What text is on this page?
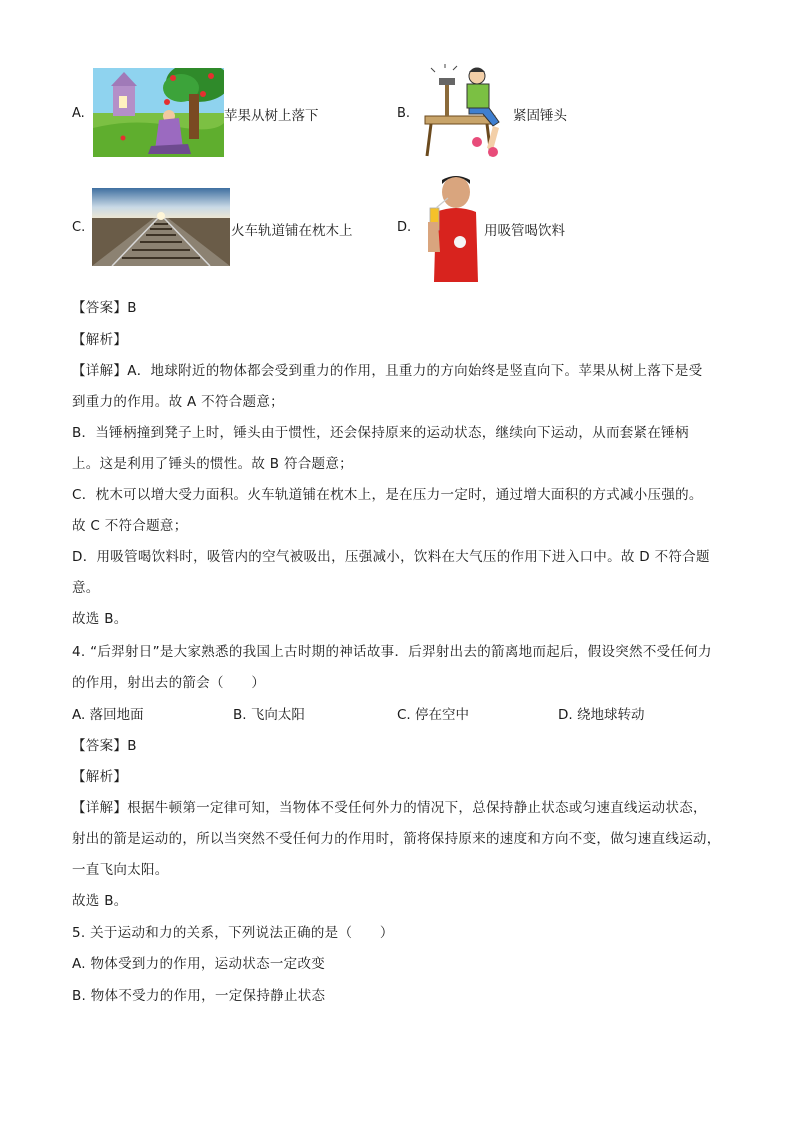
A.	苹果从树上落下	B.	紧固锤头
C.	火车轨道铺在枕木上	D.	用吸管喝饮料
【答案】B
【解析】
【详解】A．地球附近的物体都会受到重力的作用，且重力的方向始终是竖直向下。苹果从树上落下是受
到重力的作用。故 A 不符合题意；
B．当锤柄撞到凳子上时，锤头由于惯性，还会保持原来的运动状态，继续向下运动，从而套紧在锤柄
上。这是利用了锤头的惯性。故 B 符合题意；
C．枕木可以增大受力面积。火车轨道铺在枕木上，是在压力一定时，通过增大面积的方式减小压强的。
故 C 不符合题意；
D．用吸管喝饮料时，吸管内的空气被吸出，压强减小，饮料在大气压的作用下进入口中。故 D 不符合题
意。
故选 B。
4. “后羿射日”是大家熟悉的我国上古时期的神话故事．后羿射出去的箭离地而起后，假设突然不受任何力
的作用，射出去的箭会（　　）
A. 落回地面	B. 飞向太阳	C. 停在空中	D. 绕地球转动
【答案】B
【解析】
【详解】根据牛顿第一定律可知，当物体不受任何外力的情况下，总保持静止状态或匀速直线运动状态，
射出的箭是运动的，所以当突然不受任何力的作用时，箭将保持原来的速度和方向不变，做匀速直线运动，
一直飞向太阳。
故选 B。
5. 关于运动和力的关系，下列说法正确的是（　　）
A. 物体受到力的作用，运动状态一定改变
B. 物体不受力的作用，一定保持静止状态
